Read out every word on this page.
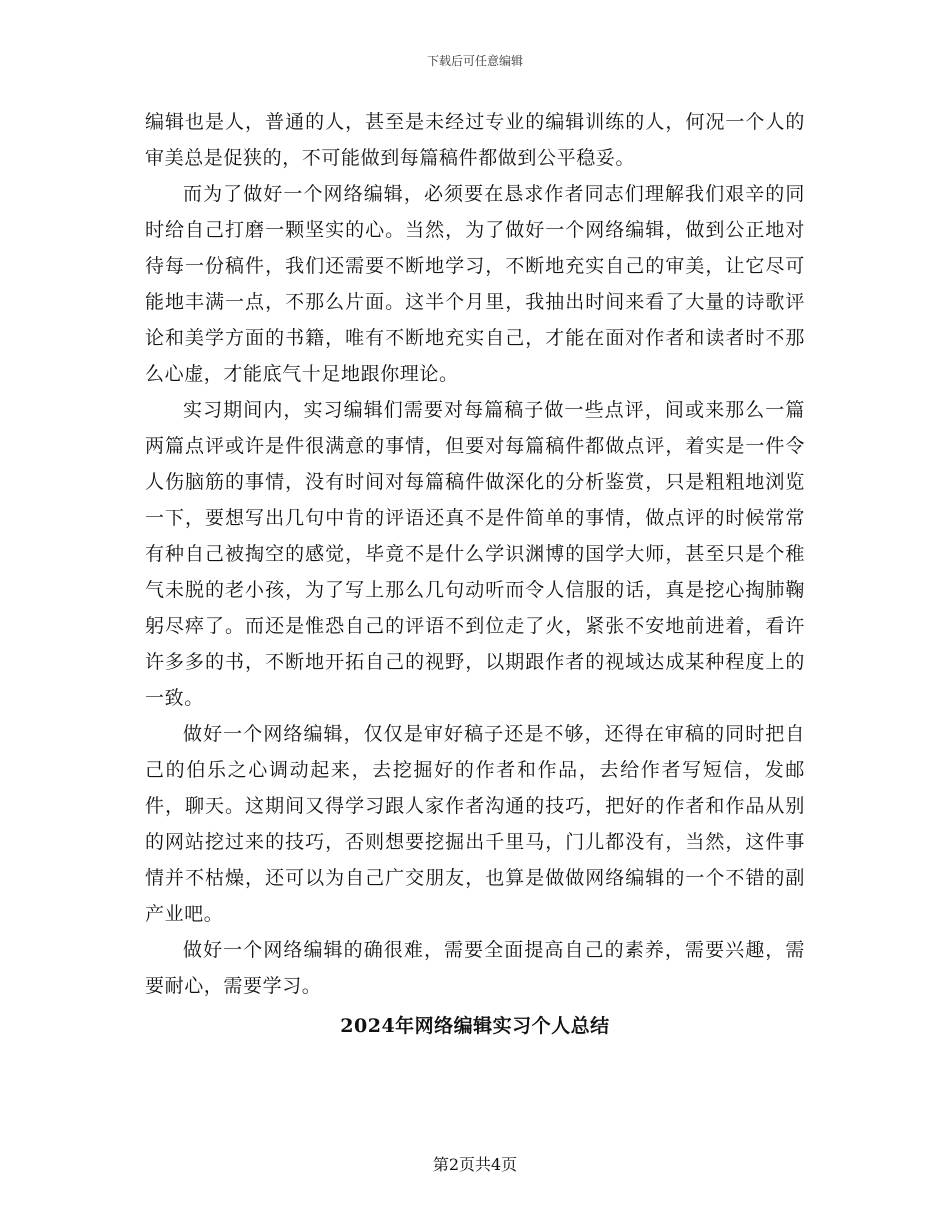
下载后可任意编辑

编辑也是人，普通的人，甚至是未经过专业的编辑训练的人，何况一个人的审美总是促狭的，不可能做到每篇稿件都做到公平稳妥。

而为了做好一个网络编辑，必须要在恳求作者同志们理解我们艰辛的同时给自己打磨一颗坚实的心。当然，为了做好一个网络编辑，做到公正地对待每一份稿件，我们还需要不断地学习，不断地充实自己的审美，让它尽可能地丰满一点，不那么片面。这半个月里，我抽出时间来看了大量的诗歌评论和美学方面的书籍，唯有不断地充实自己，才能在面对作者和读者时不那么心虚，才能底气十足地跟你理论。

实习期间内，实习编辑们需要对每篇稿子做一些点评，间或来那么一篇两篇点评或许是件很满意的事情，但要对每篇稿件都做点评，着实是一件令人伤脑筋的事情，没有时间对每篇稿件做深化的分析鉴赏，只是粗粗地浏览一下，要想写出几句中肯的评语还真不是件简单的事情，做点评的时候常常有种自己被掏空的感觉，毕竟不是什么学识渊博的国学大师，甚至只是个稚气未脱的老小孩，为了写上那么几句动听而令人信服的话，真是挖心掏肺鞠躬尽瘁了。而还是惟恐自己的评语不到位走了火，紧张不安地前进着，看许许多多的书，不断地开拓自己的视野，以期跟作者的视域达成某种程度上的一致。

做好一个网络编辑，仅仅是审好稿子还是不够，还得在审稿的同时把自己的伯乐之心调动起来，去挖掘好的作者和作品，去给作者写短信，发邮件，聊天。这期间又得学习跟人家作者沟通的技巧，把好的作者和作品从别的网站挖过来的技巧，否则想要挖掘出千里马，门儿都没有，当然，这件事情并不枯燥，还可以为自己广交朋友，也算是做做网络编辑的一个不错的副产业吧。

做好一个网络编辑的确很难，需要全面提高自己的素养，需要兴趣，需要耐心，需要学习。

2024年网络编辑实习个人总结
第2页共4页
